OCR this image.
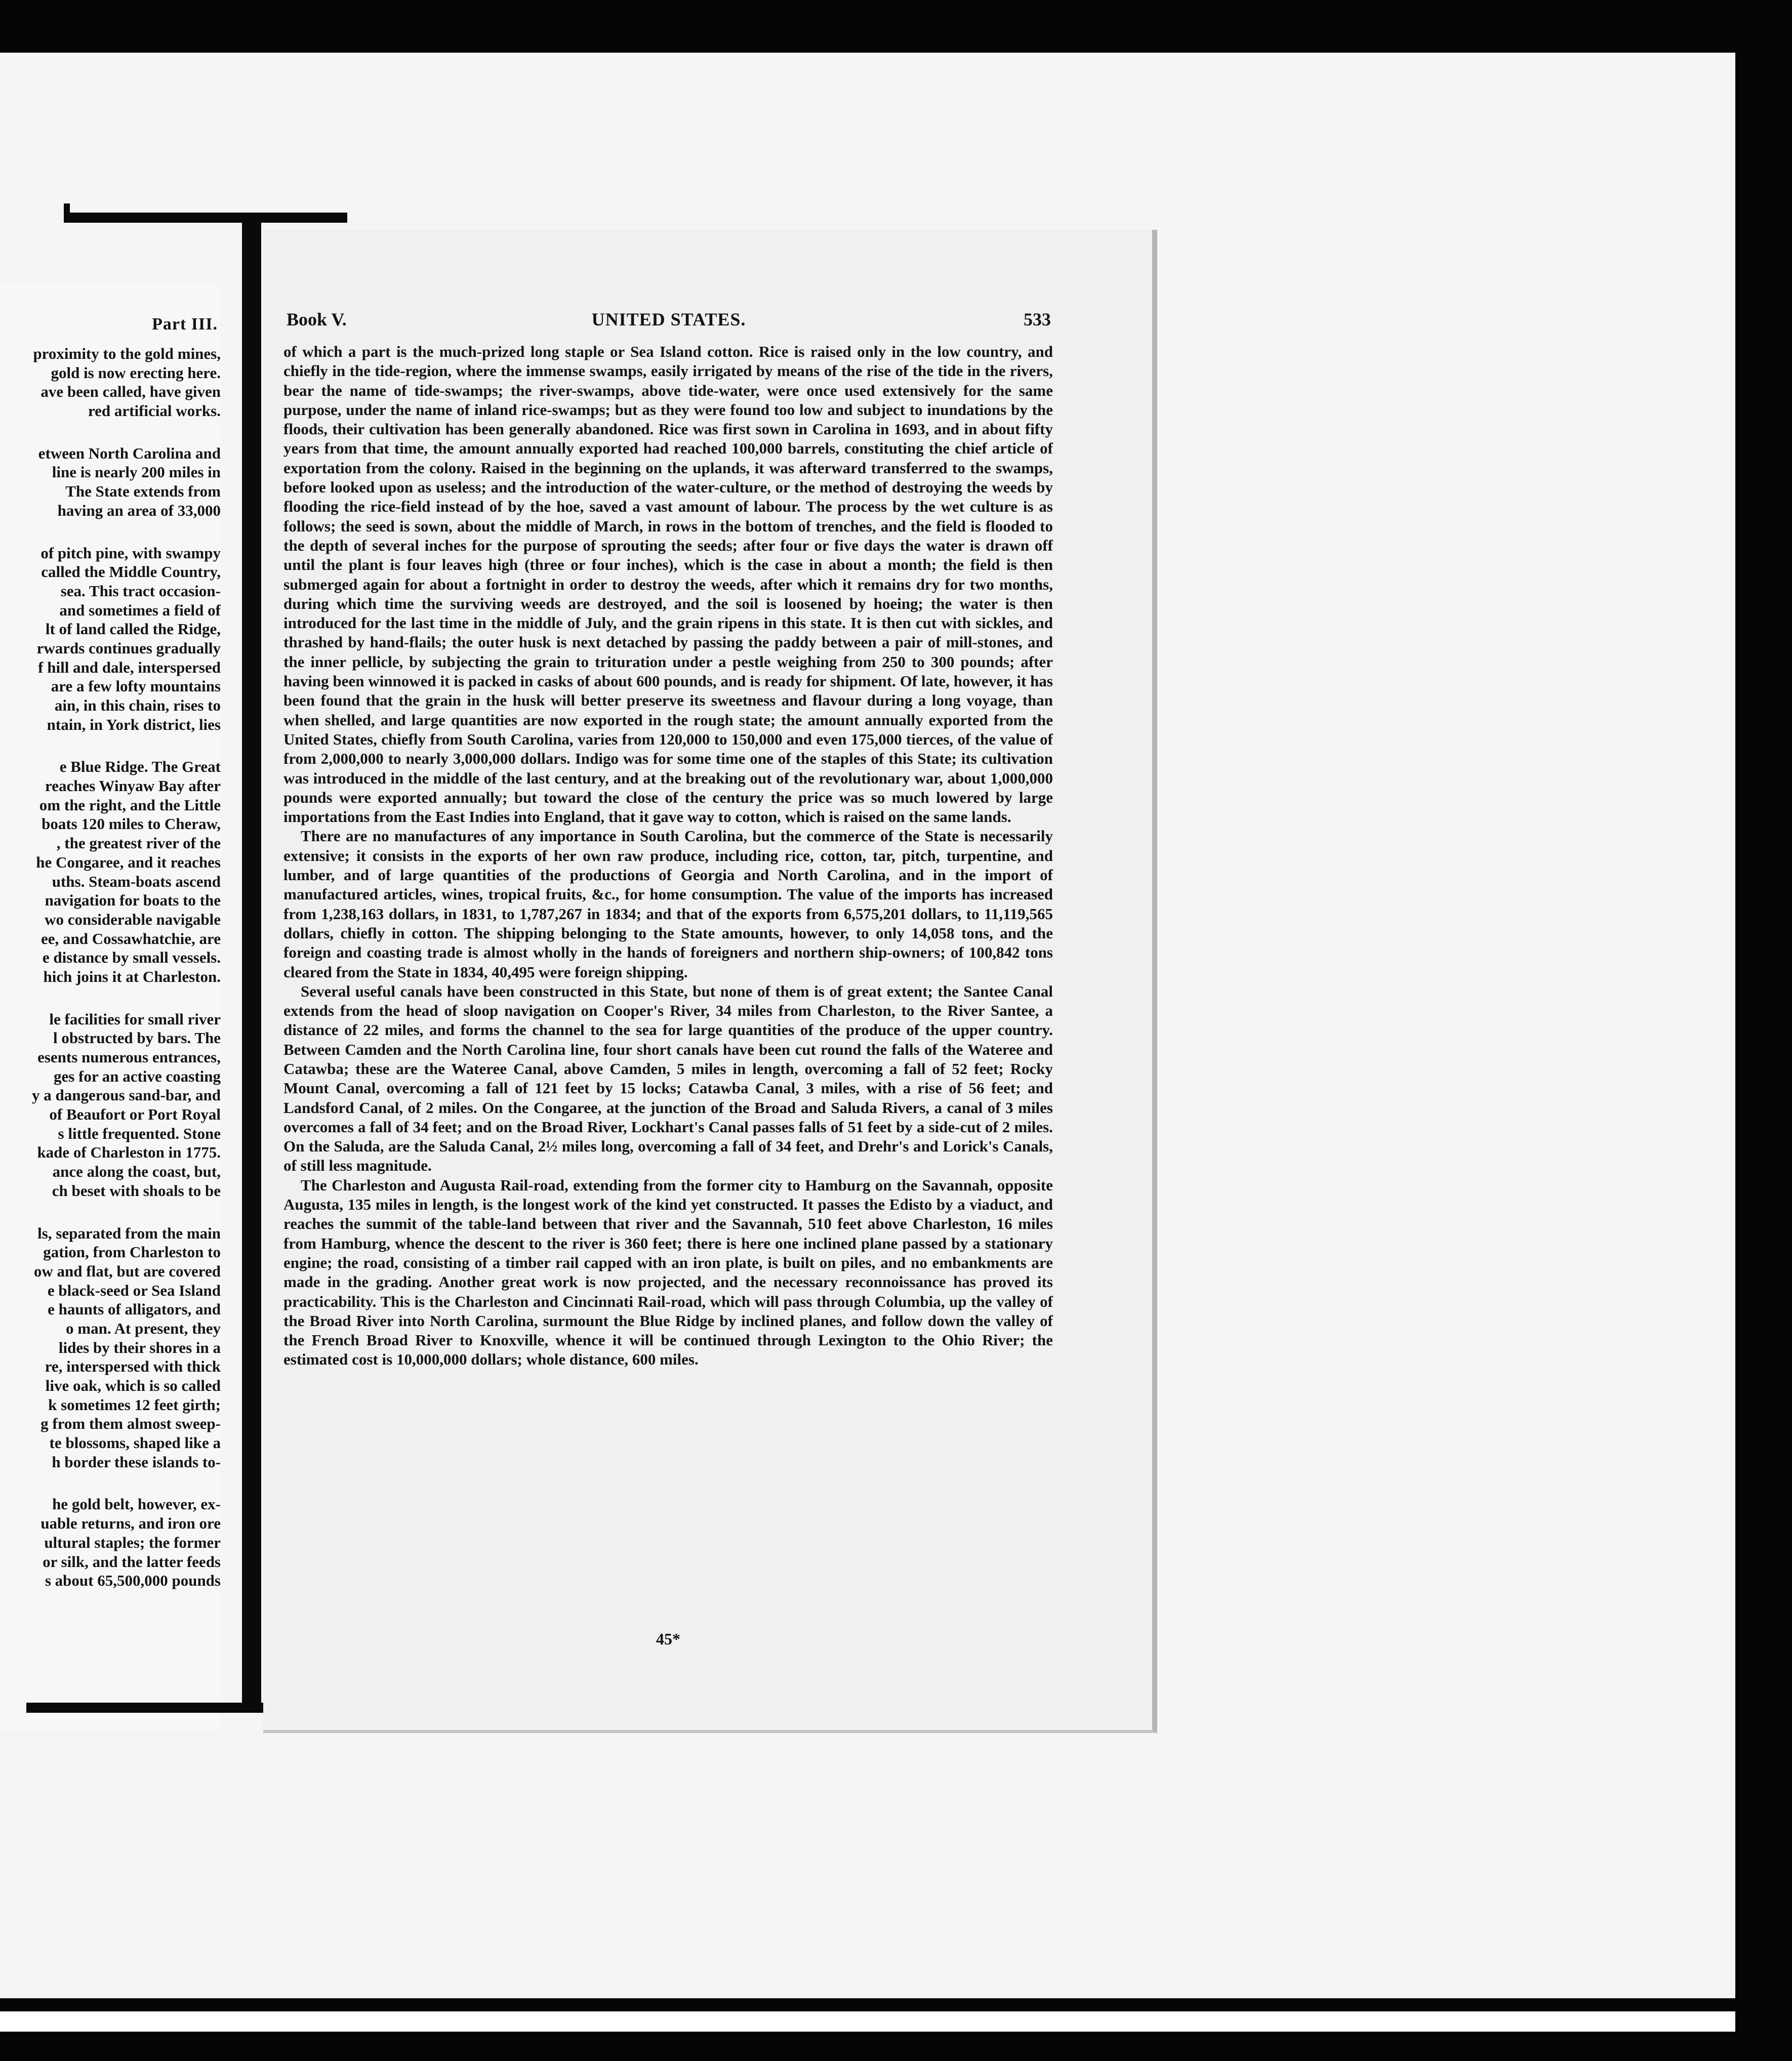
Part III.
proximity to the gold mines,
gold is now erecting here.
ave been called, have given
red artificial works.
etween North Carolina and
line is nearly 200 miles in
The State extends from
having an area of 33,000
of pitch pine, with swampy
called the Middle Country,
sea. This tract occasion-
and sometimes a field of
lt of land called the Ridge,
rwards continues gradually
f hill and dale, interspersed
are a few lofty mountains
ain, in this chain, rises to
ntain, in York district, lies
e Blue Ridge. The Great
reaches Winyaw Bay after
om the right, and the Little
boats 120 miles to Cheraw,
, the greatest river of the
he Congaree, and it reaches
uths. Steam-boats ascend
navigation for boats to the
wo considerable navigable
ee, and Cossawhatchie, are
e distance by small vessels.
hich joins it at Charleston.
le facilities for small river
l obstructed by bars. The
esents numerous entrances,
ges for an active coasting
y a dangerous sand-bar, and
of Beaufort or Port Royal
s little frequented. Stone
kade of Charleston in 1775.
ance along the coast, but,
ch beset with shoals to be
ls, separated from the main
gation, from Charleston to
ow and flat, but are covered
e black-seed or Sea Island
e haunts of alligators, and
o man. At present, they
lides by their shores in a
re, interspersed with thick
live oak, which is so called
k sometimes 12 feet girth;
g from them almost sweep-
te blossoms, shaped like a
h border these islands to-
he gold belt, however, ex-
uable returns, and iron ore
ultural staples; the former
or silk, and the latter feeds
s about 65,500,000 pounds
Book V.	UNITED STATES.	533

of which a part is the much-prized long staple or Sea Island cotton. Rice is raised only in the low country, and chiefly in the tide-region, where the immense swamps, easily irrigated by means of the rise of the tide in the rivers, bear the name of tide-swamps; the river-swamps, above tide-water, were once used extensively for the same purpose, under the name of inland rice-swamps; but as they were found too low and subject to inundations by the floods, their cultivation has been generally abandoned. Rice was first sown in Carolina in 1693, and in about fifty years from that time, the amount annually exported had reached 100,000 barrels, constituting the chief article of exportation from the colony. Raised in the beginning on the uplands, it was afterward transferred to the swamps, before looked upon as useless; and the introduction of the water-culture, or the method of destroying the weeds by flooding the rice-field instead of by the hoe, saved a vast amount of labour. The process by the wet culture is as follows; the seed is sown, about the middle of March, in rows in the bottom of trenches, and the field is flooded to the depth of several inches for the purpose of sprouting the seeds; after four or five days the water is drawn off until the plant is four leaves high (three or four inches), which is the case in about a month; the field is then submerged again for about a fortnight in order to destroy the weeds, after which it remains dry for two months, during which time the surviving weeds are destroyed, and the soil is loosened by hoeing; the water is then introduced for the last time in the middle of July, and the grain ripens in this state. It is then cut with sickles, and thrashed by hand-flails; the outer husk is next detached by passing the paddy between a pair of mill-stones, and the inner pellicle, by subjecting the grain to trituration under a pestle weighing from 250 to 300 pounds; after having been winnowed it is packed in casks of about 600 pounds, and is ready for shipment. Of late, however, it has been found that the grain in the husk will better preserve its sweetness and flavour during a long voyage, than when shelled, and large quantities are now exported in the rough state; the amount annually exported from the United States, chiefly from South Carolina, varies from 120,000 to 150,000 and even 175,000 tierces, of the value of from 2,000,000 to nearly 3,000,000 dollars. Indigo was for some time one of the staples of this State; its cultivation was introduced in the middle of the last century, and at the breaking out of the revolutionary war, about 1,000,000 pounds were exported annually; but toward the close of the century the price was so much lowered by large importations from the East Indies into England, that it gave way to cotton, which is raised on the same lands.

There are no manufactures of any importance in South Carolina, but the commerce of the State is necessarily extensive; it consists in the exports of her own raw produce, including rice, cotton, tar, pitch, turpentine, and lumber, and of large quantities of the productions of Georgia and North Carolina, and in the import of manufactured articles, wines, tropical fruits, &c., for home consumption. The value of the imports has increased from 1,238,163 dollars, in 1831, to 1,787,267 in 1834; and that of the exports from 6,575,201 dollars, to 11,119,565 dollars, chiefly in cotton. The shipping belonging to the State amounts, however, to only 14,058 tons, and the foreign and coasting trade is almost wholly in the hands of foreigners and northern ship-owners; of 100,842 tons cleared from the State in 1834, 40,495 were foreign shipping.

Several useful canals have been constructed in this State, but none of them is of great extent; the Santee Canal extends from the head of sloop navigation on Cooper's River, 34 miles from Charleston, to the River Santee, a distance of 22 miles, and forms the channel to the sea for large quantities of the produce of the upper country. Between Camden and the North Carolina line, four short canals have been cut round the falls of the Wateree and Catawba; these are the Wateree Canal, above Camden, 5 miles in length, overcoming a fall of 52 feet; Rocky Mount Canal, overcoming a fall of 121 feet by 15 locks; Catawba Canal, 3 miles, with a rise of 56 feet; and Landsford Canal, of 2 miles. On the Congaree, at the junction of the Broad and Saluda Rivers, a canal of 3 miles overcomes a fall of 34 feet; and on the Broad River, Lockhart's Canal passes falls of 51 feet by a side-cut of 2 miles. On the Saluda, are the Saluda Canal, 2½ miles long, overcoming a fall of 34 feet, and Drehr's and Lorick's Canals, of still less magnitude.

The Charleston and Augusta Rail-road, extending from the former city to Hamburg on the Savannah, opposite Augusta, 135 miles in length, is the longest work of the kind yet constructed. It passes the Edisto by a viaduct, and reaches the summit of the table-land between that river and the Savannah, 510 feet above Charleston, 16 miles from Hamburg, whence the descent to the river is 360 feet; there is here one inclined plane passed by a stationary engine; the road, consisting of a timber rail capped with an iron plate, is built on piles, and no embankments are made in the grading. Another great work is now projected, and the necessary reconnoissance has proved its practicability. This is the Charleston and Cincinnati Rail-road, which will pass through Columbia, up the valley of the Broad River into North Carolina, surmount the Blue Ridge by inclined planes, and follow down the valley of the French Broad River to Knoxville, whence it will be continued through Lexington to the Ohio River; the estimated cost is 10,000,000 dollars; whole distance, 600 miles.

45*
